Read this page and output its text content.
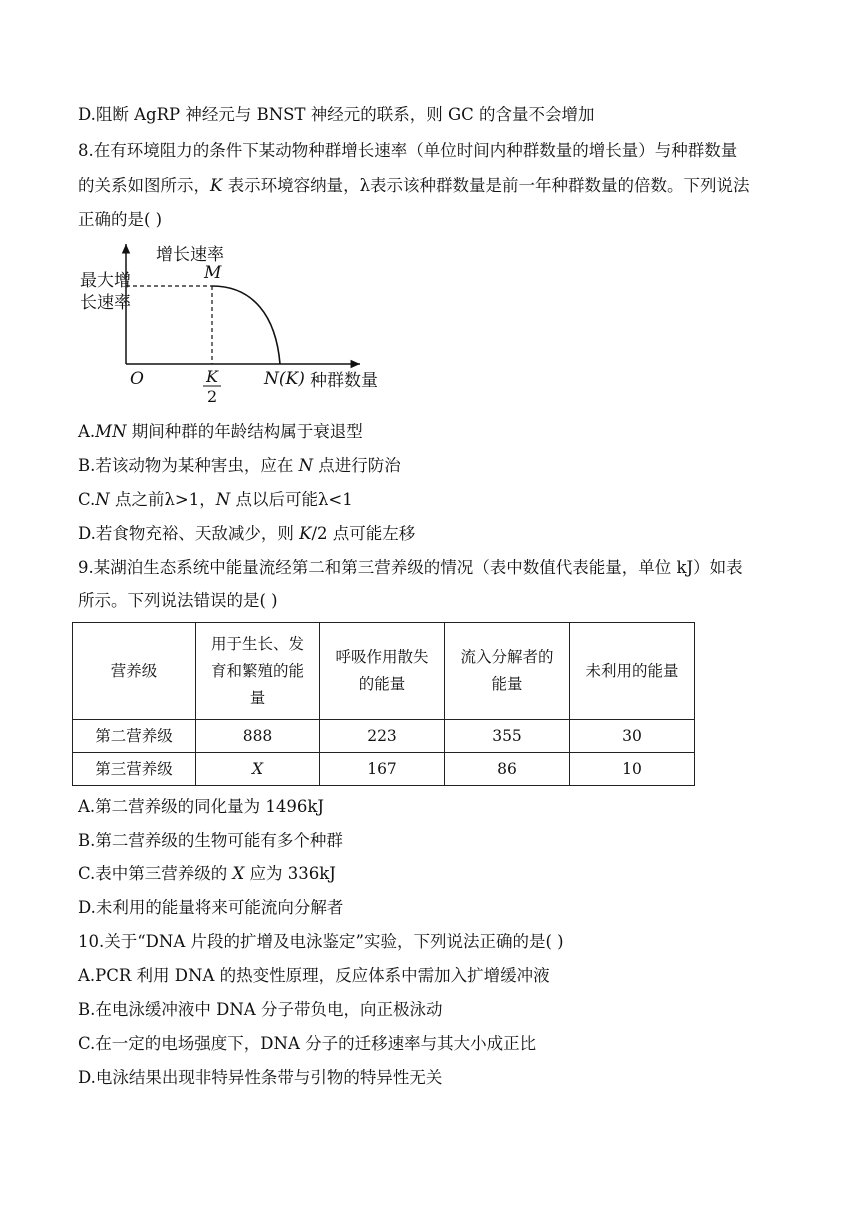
D.阻断 AgRP 神经元与 BNST 神经元的联系，则 GC 的含量不会增加
8.在有环境阻力的条件下某动物种群增长速率（单位时间内种群数量的增长量）与种群数量
的关系如图所示，K 表示环境容纳量，λ表示该种群数量是前一年种群数量的倍数。下列说法
正确的是( )
增长速率
最大增
长速率
M
O	K
2
N(K) 种群数量
A.MN 期间种群的年龄结构属于衰退型
B.若该动物为某种害虫，应在 N 点进行防治
C.N 点之前λ>1，N 点以后可能λ<1
D.若食物充裕、天敌减少，则 K/2 点可能左移
9.某湖泊生态系统中能量流经第二和第三营养级的情况（表中数值代表能量，单位 kJ）如表
所示。下列说法错误的是( )
营养级	用于生长、发
育和繁殖的能
量	呼吸作用散失
的能量	流入分解者的
能量	未利用的能量
第二营养级	888	223	355	30
第三营养级	X	167	86	10
A.第二营养级的同化量为 1496kJ
B.第二营养级的生物可能有多个种群
C.表中第三营养级的 X 应为 336kJ
D.未利用的能量将来可能流向分解者
10.关于“DNA 片段的扩增及电泳鉴定”实验，下列说法正确的是( )
A.PCR 利用 DNA 的热变性原理，反应体系中需加入扩增缓冲液
B.在电泳缓冲液中 DNA 分子带负电，向正极泳动
C.在一定的电场强度下，DNA 分子的迁移速率与其大小成正比
D.电泳结果出现非特异性条带与引物的特异性无关
